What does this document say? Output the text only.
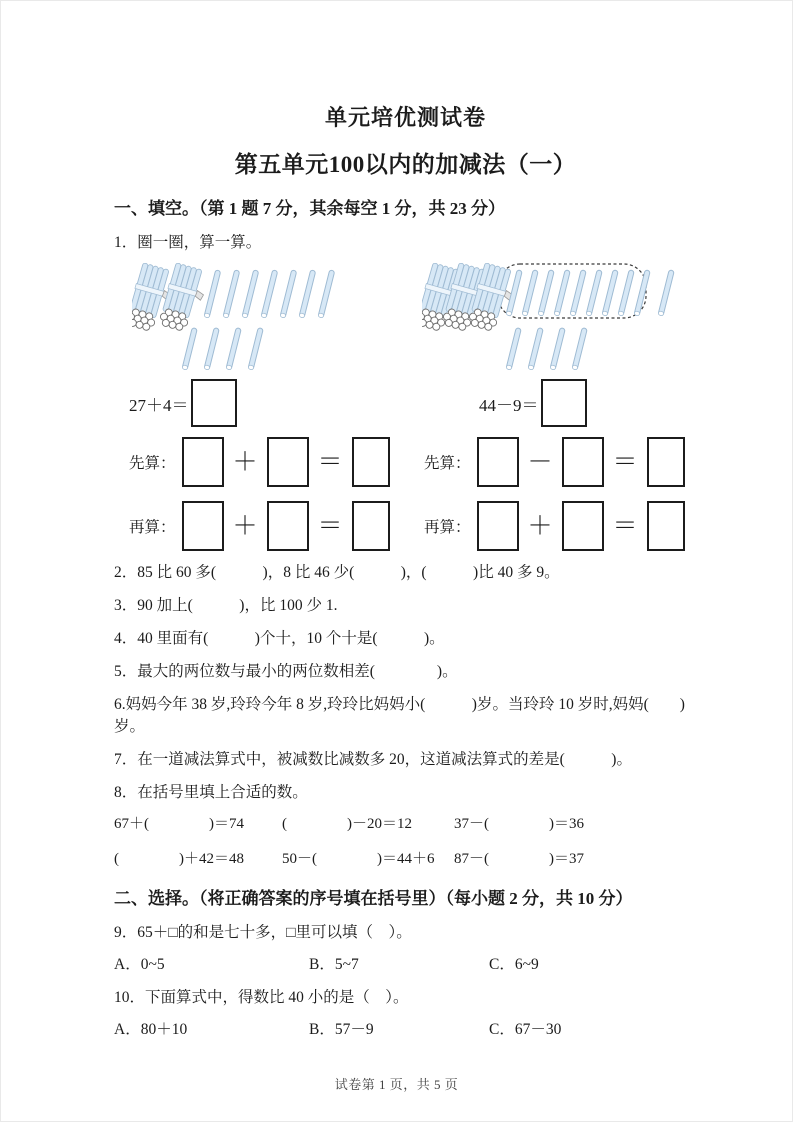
单元培优测试卷
第五单元100以内的加减法（一）
一、填空。（第 1 题 7 分，其余每空 1 分，共 23 分）

1．圈一圈，算一算。

27＋4＝	44－9＝
先算： ＋ ＝	先算： － ＝
再算： ＋ ＝	再算： ＋ ＝

2．85 比 60 多(　　　)，8 比 46 少(　　　)，(　　　)比 40 多 9。

3．90 加上(　　　)，比 100 少 1.

4．40 里面有(　　　)个十，10 个十是(　　　)。

5．最大的两位数与最小的两位数相差(　　　　)。

6.妈妈今年 38 岁,玲玲今年 8 岁,玲玲比妈妈小(　　　)岁。当玲玲 10 岁时,妈妈(　　)岁。

7．在一道减法算式中，被减数比减数多 20，这道减法算式的差是(　　　)。

8．在括号里填上合适的数。

67＋(　　　　)＝74	(　　　　)－20＝12	37－(　　　　)＝36
(　　　　)＋42＝48	50－(　　　　)＝44＋6	87－(　　　　)＝37
二、选择。（将正确答案的序号填在括号里）（每小题 2 分，共 10 分）

9．65＋□的和是七十多，□里可以填（　）。

A．0~5	B．5~7	C．6~9

10．下面算式中，得数比 40 小的是（　）。

A．80＋10	B．57－9	C．67－30
试卷第 1 页，共 5 页
